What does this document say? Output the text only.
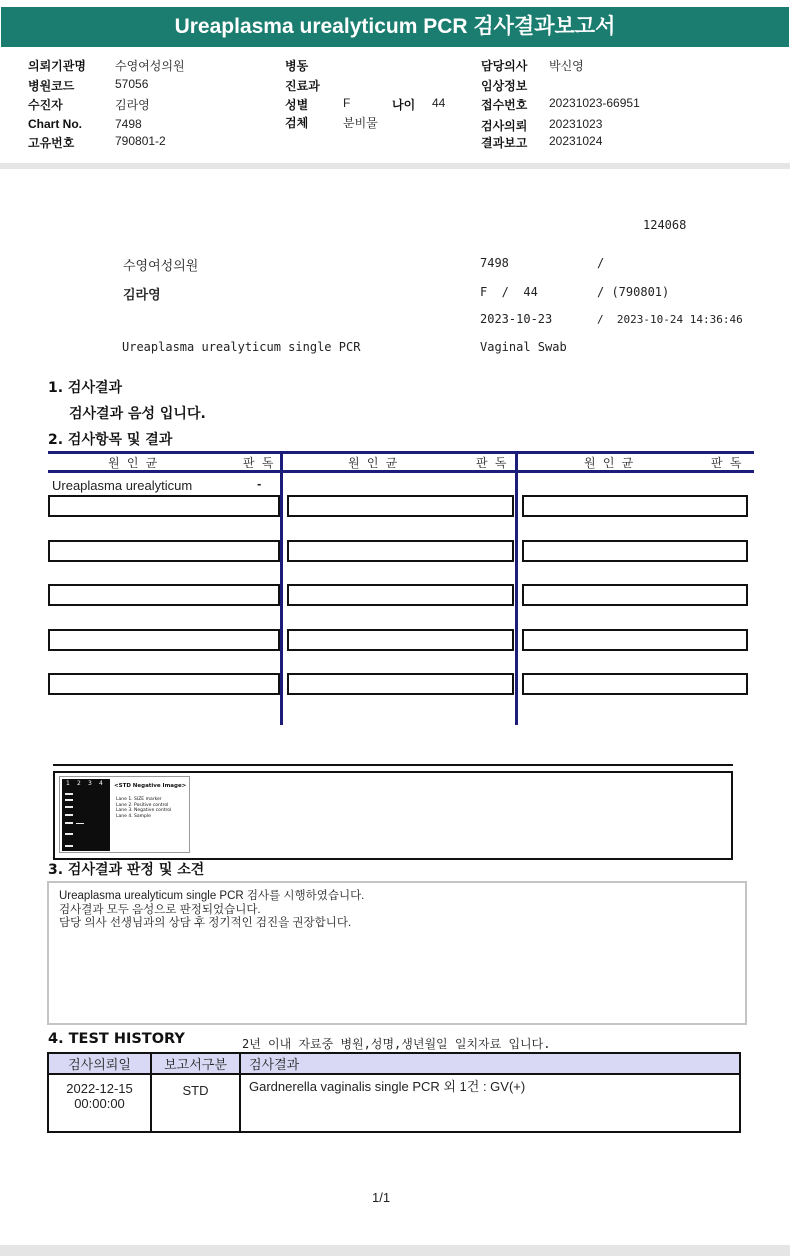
Ureaplasma urealyticum PCR 검사결과보고서
의뢰기관명 수영여성의원
병원코드	57056
수진자	김라영
Chart No.	7498
고유번호	790801-2
병동
진료과
성별	F	나이 44
검체	분비물
담당의사 박신영
임상정보
접수번호 20231023-66951
검사의뢰 20231023
결과보고 20231024
124068
수영여성의원	7498	/
김라영	F  /  44	/ (790801)
2023-10-23	/  2023-10-24 14:36:46
Ureaplasma urealyticum single PCR	Vaginal Swab
1. 검사결과
검사결과 음성 입니다.
2. 검사항목 및 결과
원 인 균	판 독	원 인 균	판 독	원 인 균	판 독
Ureaplasma urealyticum	-
1 2 3 4 <STD Negative Image>
Lane 1. SIZE marker
Lane 2. Positive control
Lane 3. Negative control
Lane 4. Sample
3. 검사결과 판정 및 소견
Ureaplasma urealyticum single PCR 검사를 시행하였습니다.
검사결과 모두 음성으로 판정되었습니다.
담당 의사 선생님과의 상담 후 정기적인 검진을 권장합니다.
4. TEST HISTORY	2년 이내 자료중 병원,성명,생년월일 일치자료 입니다.
검사의뢰일	보고서구분	검사결과

2022-12-15
00:00:00	STD	Gardnerella vaginalis single PCR 외 1건 : GV(+)
1/1
